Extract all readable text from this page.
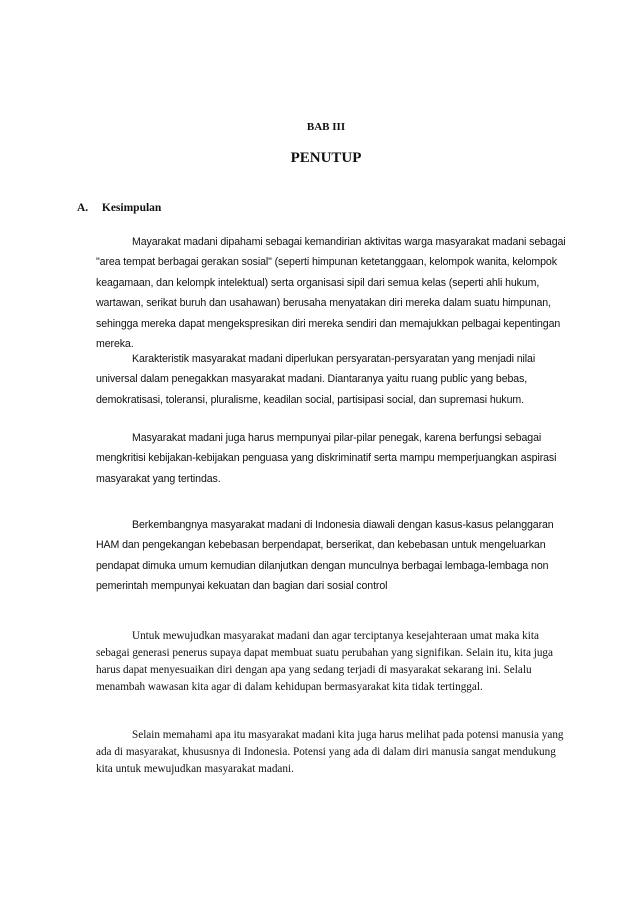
BAB III
PENUTUP
A. Kesimpulan

Mayarakat madani dipahami sebagai kemandirian aktivitas warga masyarakat madani sebagai "area tempat berbagai gerakan sosial" (seperti himpunan ketetanggaan, kelompok wanita, kelompok keagamaan, dan kelompk intelektual) serta organisasi sipil dari semua kelas (seperti ahli hukum, wartawan, serikat buruh dan usahawan) berusaha menyatakan diri mereka dalam suatu himpunan, sehingga mereka dapat mengekspresikan diri mereka sendiri dan memajukkan pelbagai kepentingan mereka.

Karakteristik masyarakat madani diperlukan persyaratan-persyaratan yang menjadi nilai universal dalam penegakkan masyarakat madani. Diantaranya yaitu ruang public yang bebas, demokratisasi, toleransi, pluralisme, keadilan social, partisipasi social, dan supremasi hukum.

Masyarakat madani juga harus mempunyai pilar-pilar penegak, karena berfungsi sebagai mengkritisi kebijakan-kebijakan penguasa yang diskriminatif serta mampu memperjuangkan aspirasi masyarakat yang tertindas.

Berkembangnya masyarakat madani di Indonesia diawali dengan kasus-kasus pelanggaran HAM dan pengekangan kebebasan berpendapat, berserikat, dan kebebasan untuk mengeluarkan pendapat dimuka umum kemudian dilanjutkan dengan munculnya berbagai lembaga-lembaga non pemerintah mempunyai kekuatan dan bagian dari sosial control

Untuk mewujudkan masyarakat madani dan agar terciptanya kesejahteraan umat maka kita sebagai generasi penerus supaya dapat membuat suatu perubahan yang signifikan. Selain itu, kita juga harus dapat menyesuaikan diri dengan apa yang sedang terjadi di masyarakat sekarang ini. Selalu menambah wawasan kita agar di dalam kehidupan bermasyarakat kita tidak tertinggal.

Selain memahami apa itu masyarakat madani kita juga harus melihat pada potensi manusia yang ada di masyarakat, khususnya di Indonesia. Potensi yang ada di dalam diri manusia sangat mendukung kita untuk mewujudkan masyarakat madani.
